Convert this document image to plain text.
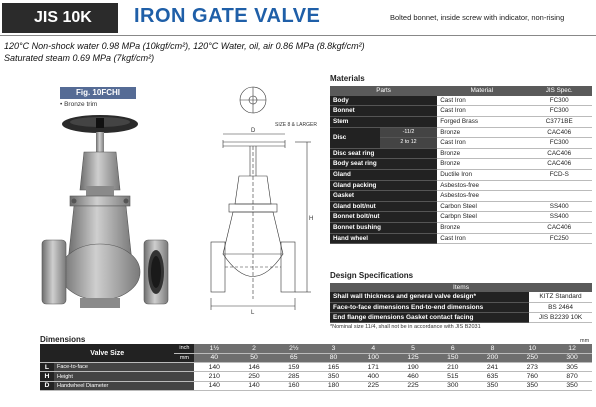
JIS 10K	IRON GATE VALVE	Bolted bonnet, inside screw with indicator, non-rising
120°C Non-shock water 0.98 MPa (10kgf/cm²), 120°C Water, oil, air 0.86 MPa (8.8kgf/cm²)
Saturated steam 0.69 MPa (7kgf/cm²)
Fig. 10FCHI
• Bronze trim
SIZE 8 & LARGER
D
H
L
Materials
Parts		Material	JIS Spec.
Body		Cast Iron	FC300
Bonnet		Cast Iron	FC300
Stem		Forged Brass	C3771BE
Disc	-11/2	Bronze	CAC406
	2 to 12	Cast Iron	FC300
Disc seat ring		Bronze	CAC406
Body seat ring		Bronze	CAC406
Gland		Ductile Iron	FCD-S
Gland packing		Asbestos-free	
Gasket		Asbestos-free	
Gland bolt/nut		Carbon Steel	SS400
Bonnet bolt/nut		Carbpn Steel	SS400
Bonnet bushing		Bronze	CAC406
Hand wheel		Cast Iron	FC250
Design Specifications
Items	
Shall wall thickness and general valve design*	KITZ Standard
Face-to-face dimensions End-to-end dimensions	BS 2464
End flange dimensions Gasket contact facing	JIS B2239 10K
*Nominal size 11/4, shall not be in accordance with JIS B2031
Dimensions	mm
Valve Size		inch	1½	2	2½	3	4	5	6	8	10	12
		mm	40	50	65	80	100	125	150	200	250	300
L	Face-to-face		140	146	159	165	171	190	210	241	273	305
H	Height		210	250	285	350	400	460	515	635	760	870
D	Handwheel Diameter		140	140	160	180	225	225	300	350	350	350
